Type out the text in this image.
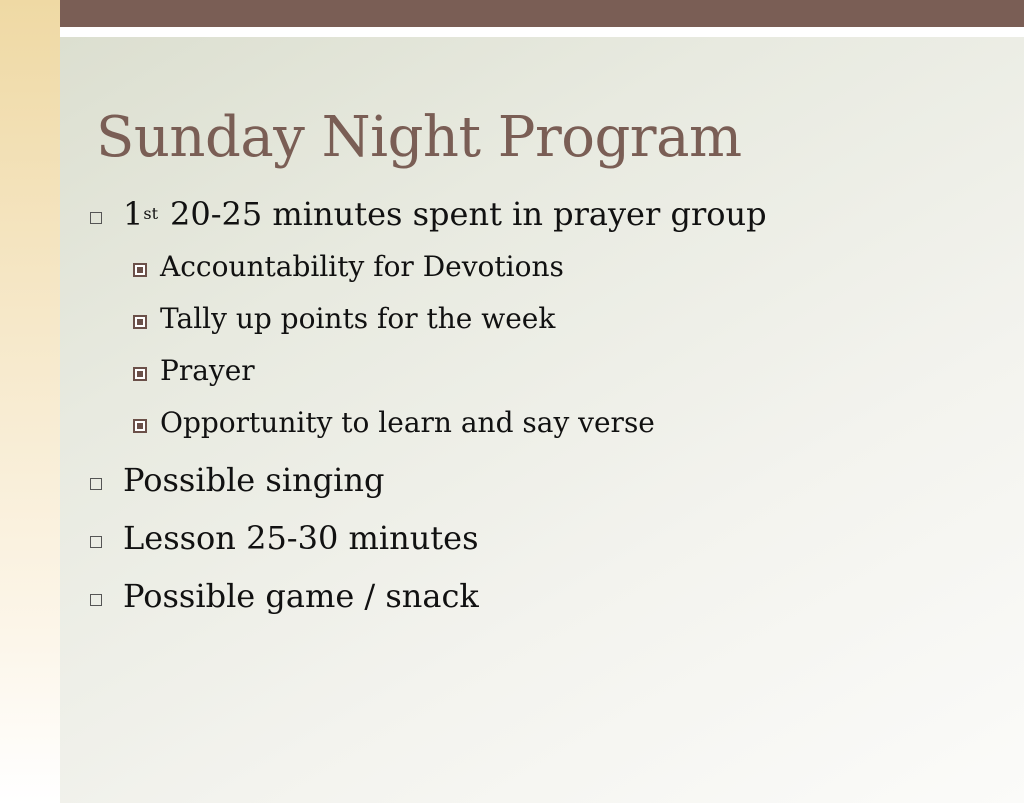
Sunday Night Program
1 st 20-25 minutes spent in prayer group
Accountability for Devotions
Tally up points for the week
Prayer
Opportunity to learn and say verse
Possible singing
Lesson 25-30 minutes
Possible game / snack
